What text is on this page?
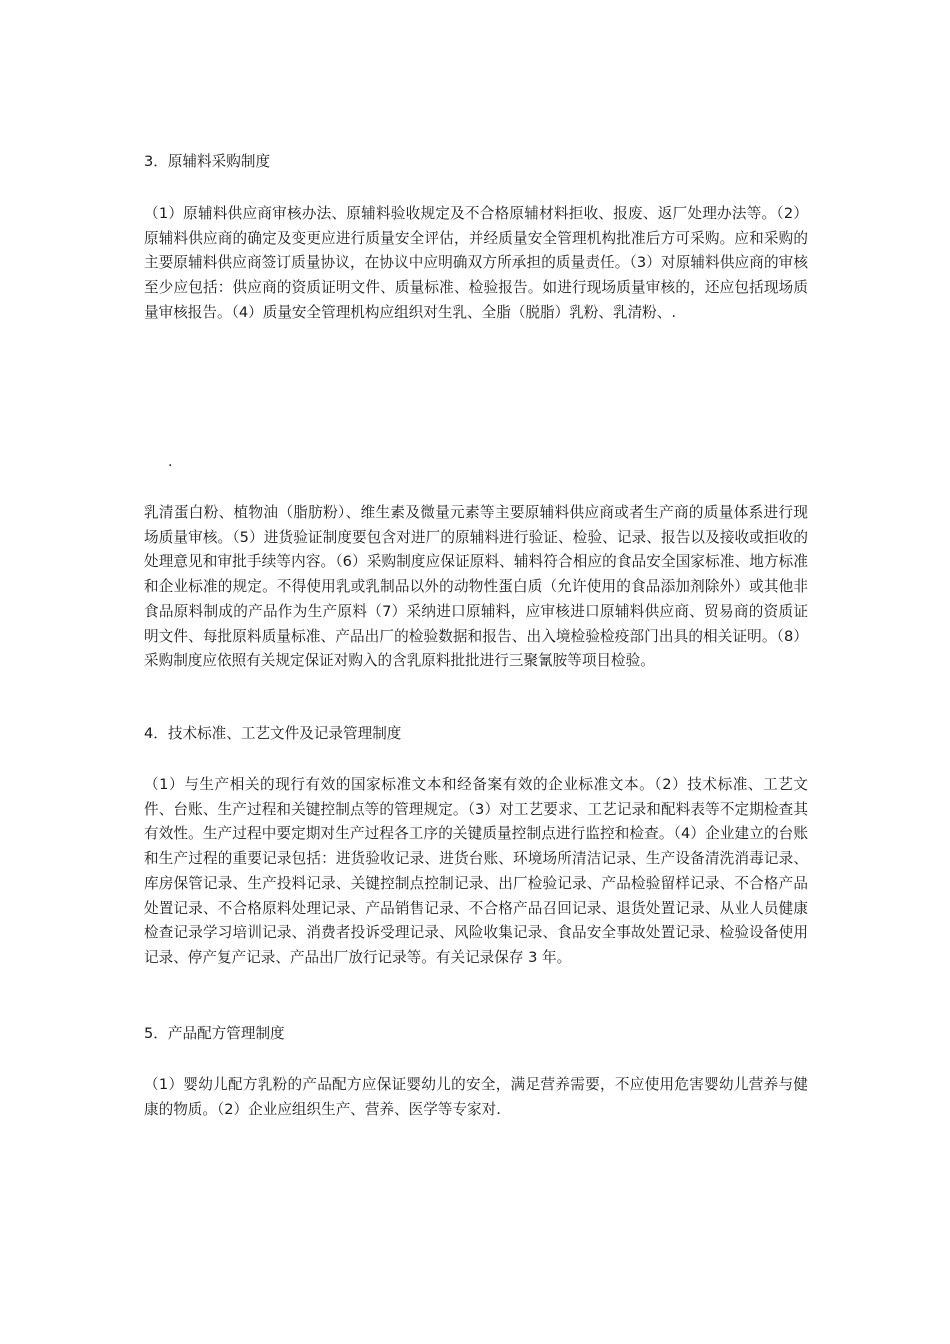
3．原辅料采购制度

（1）原辅料供应商审核办法、原辅料验收规定及不合格原辅材料拒收、报废、返厂处理办法等。（2）原辅料供应商的确定及变更应进行质量安全评估，并经质量安全管理机构批准后方可采购。应和采购的主要原辅料供应商签订质量协议，在协议中应明确双方所承担的质量责任。（3）对原辅料供应商的审核至少应包括：供应商的资质证明文件、质量标准、检验报告。如进行现场质量审核的，还应包括现场质量审核报告。（4）质量安全管理机构应组织对生乳、全脂（脱脂）乳粉、乳清粉、.

.

乳清蛋白粉、植物油（脂肪粉）、维生素及微量元素等主要原辅料供应商或者生产商的质量体系进行现场质量审核。（5）进货验证制度要包含对进厂的原辅料进行验证、检验、记录、报告以及接收或拒收的处理意见和审批手续等内容。（6）采购制度应保证原料、辅料符合相应的食品安全国家标准、地方标准和企业标准的规定。不得使用乳或乳制品以外的动物性蛋白质（允许使用的食品添加剂除外）或其他非食品原料制成的产品作为生产原料（7）采纳进口原辅料，应审核进口原辅料供应商、贸易商的资质证明文件、每批原料质量标准、产品出厂的检验数据和报告、出入境检验检疫部门出具的相关证明。（8）采购制度应依照有关规定保证对购入的含乳原料批批进行三聚氰胺等项目检验。

4．技术标准、工艺文件及记录管理制度

（1）与生产相关的现行有效的国家标准文本和经备案有效的企业标准文本。（2）技术标准、工艺文件、台账、生产过程和关键控制点等的管理规定。（3）对工艺要求、工艺记录和配料表等不定期检查其有效性。生产过程中要定期对生产过程各工序的关键质量控制点进行监控和检查。（4）企业建立的台账和生产过程的重要记录包括：进货验收记录、进货台账、环境场所清洁记录、生产设备清洗消毒记录、库房保管记录、生产投料记录、关键控制点控制记录、出厂检验记录、产品检验留样记录、不合格产品处置记录、不合格原料处理记录、产品销售记录、不合格产品召回记录、退货处置记录、从业人员健康检查记录学习培训记录、消费者投诉受理记录、风险收集记录、食品安全事故处置记录、检验设备使用记录、停产复产记录、产品出厂放行记录等。有关记录保存 3 年。

5．产品配方管理制度

（1）婴幼儿配方乳粉的产品配方应保证婴幼儿的安全，满足营养需要，不应使用危害婴幼儿营养与健康的物质。（2）企业应组织生产、营养、医学等专家对.
